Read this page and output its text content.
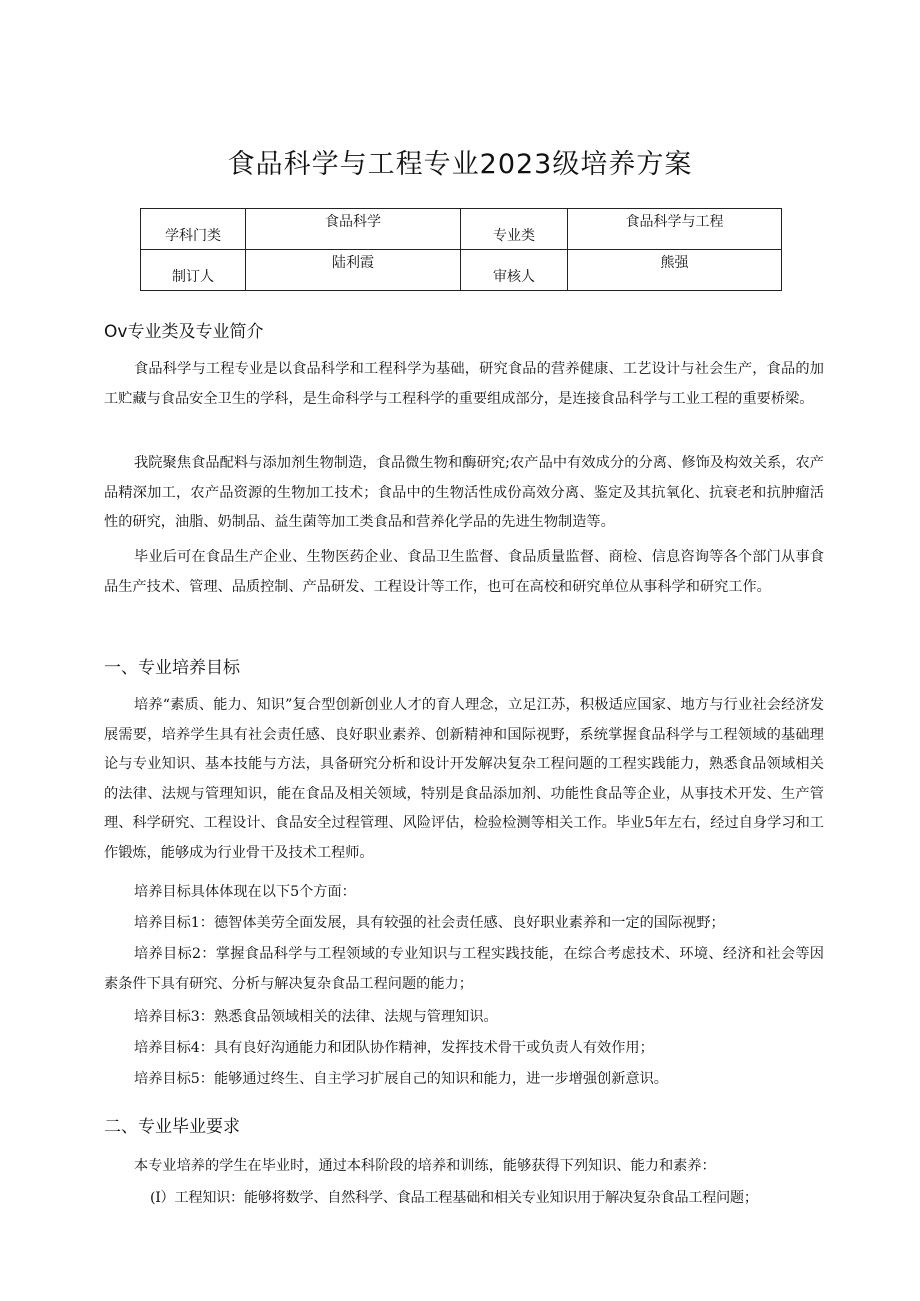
食品科学与工程专业2023级培养方案
学科门类	食品科学	专业类	食品科学与工程
制订人	陆利霞	审核人	熊强
Ov专业类及专业简介

食品科学与工程专业是以食品科学和工程科学为基础，研究食品的营养健康、工艺设计与社会生产，食品的加工贮藏与食品安全卫生的学科，是生命科学与工程科学的重要组成部分，是连接食品科学与工业工程的重要桥梁。

我院聚焦食品配料与添加剂生物制造，食品微生物和酶研究;农产品中有效成分的分离、修饰及构效关系，农产品精深加工，农产品资源的生物加工技术；食品中的生物活性成份高效分离、鉴定及其抗氧化、抗衰老和抗肿瘤活性的研究，油脂、奶制品、益生菌等加工类食品和营养化学品的先进生物制造等。

毕业后可在食品生产企业、生物医药企业、食品卫生监督、食品质量监督、商检、信息咨询等各个部门从事食品生产技术、管理、品质控制、产品研发、工程设计等工作，也可在高校和研究单位从事科学和研究工作。

一、专业培养目标

培养“素质、能力、知识”复合型创新创业人才的育人理念，立足江苏，积极适应国家、地方与行业社会经济发展需要，培养学生具有社会责任感、良好职业素养、创新精神和国际视野，系统掌握食品科学与工程领域的基础理论与专业知识、基本技能与方法，具备研究分析和设计开发解决复杂工程问题的工程实践能力，熟悉食品领域相关的法律、法规与管理知识，能在食品及相关领域，特别是食品添加剂、功能性食品等企业，从事技术开发、生产管理、科学研究、工程设计、食品安全过程管理、风险评估，检验检测等相关工作。毕业5年左右，经过自身学习和工作锻炼，能够成为行业骨干及技术工程师。

培养目标具体体现在以下5个方面：

培养目标1：德智体美劳全面发展，具有较强的社会责任感、良好职业素养和一定的国际视野；

培养目标2：掌握食品科学与工程领域的专业知识与工程实践技能，在综合考虑技术、环境、经济和社会等因素条件下具有研究、分析与解决复杂食品工程问题的能力；

培养目标3：熟悉食品领域相关的法律、法规与管理知识。

培养目标4：具有良好沟通能力和团队协作精神，发挥技术骨干或负责人有效作用；

培养目标5：能够通过终生、自主学习扩展自己的知识和能力，进一步增强创新意识。

二、专业毕业要求

本专业培养的学生在毕业时，通过本科阶段的培养和训练，能够获得下列知识、能力和素养：

(I）工程知识：能够将数学、自然科学、食品工程基础和相关专业知识用于解决复杂食品工程问题；
